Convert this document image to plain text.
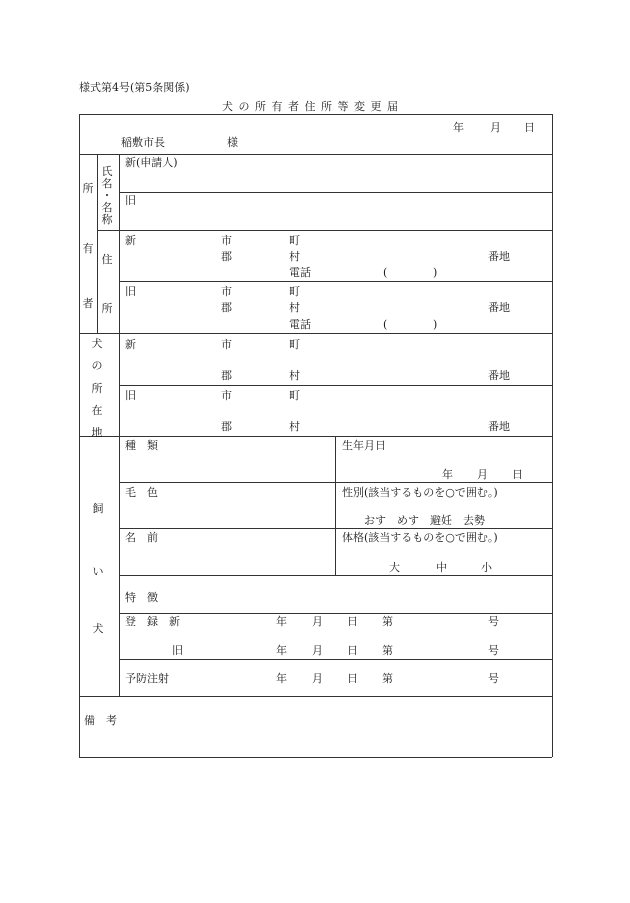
様式第4号(第5条関係)
犬 の 所 有 者 住 所 等 変 更 届
年 月 日
稲敷市長	様
所
有
者
氏
名
・
名
称
新(申請人)
旧
住
所
新	市	町
郡	村	番地
電話	(	)
旧	市	町
郡	村	番地
電話	(	)
犬
の
所
在
地
新	市	町
郡	村	番地
旧	市	町
郡	村	番地
飼
い
犬
種　類	生年月日
年 月 日
毛　色	性別(該当するものを○で囲む。)
おす　めす　避妊　去勢
名　前	体格(該当するものを○で囲む。)
大	中	小
特　徴
登　録　新	年 月 日 第	号
旧	年 月 日 第	号
予防注射	年 月 日 第	号
備　考
